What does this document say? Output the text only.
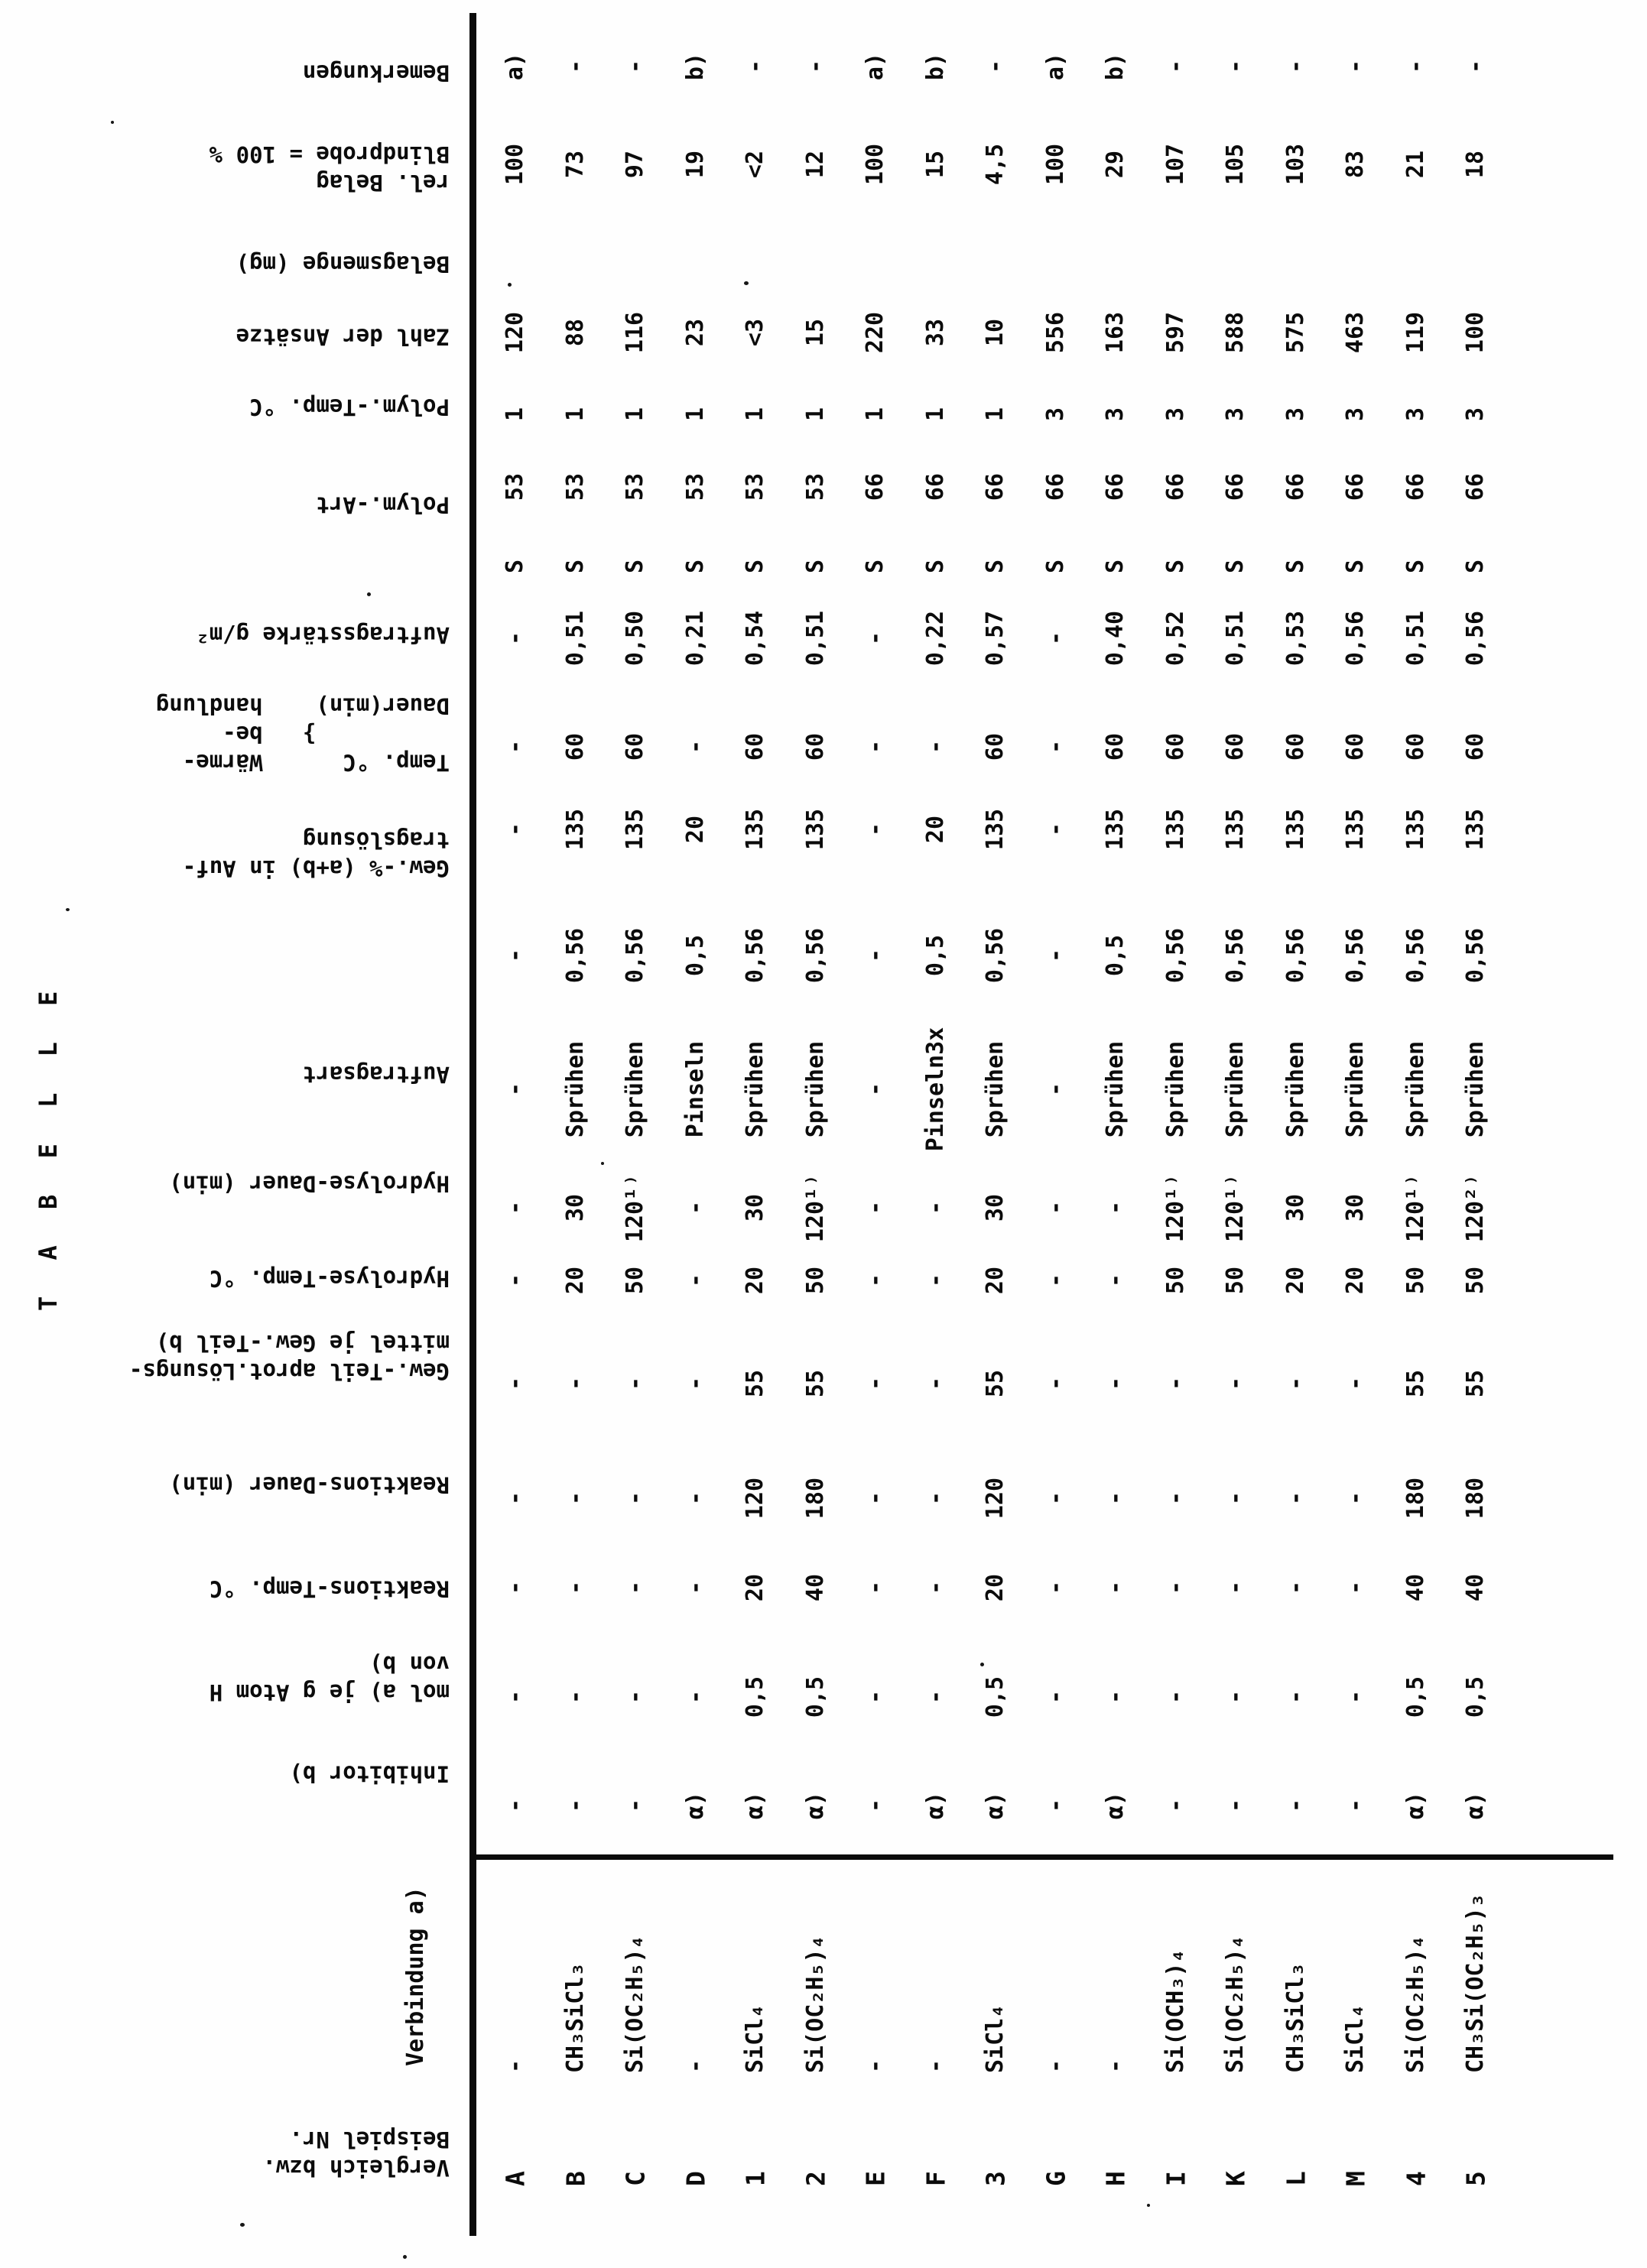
T A B E L L E
Vergleich bzw.
Beispiel Nr.
Verbindung a)
Inhibitor b)
mol a) je g Atom H
von b)
Reaktions-Temp. °C
Reaktions-Dauer (min)
Gew.-Teil aprot.Lösungs-
mittel je Gew.-Teil b)
Hydrolyse-Temp. °C
Hydrolyse-Dauer (min)
Auftragsart
Gew.-% (a+b) in Auf-
tragslösung
Auftragsstärke g/m²
Polym.-Art
Polym.-Temp. °C
Zahl der Ansätze
Belagsmenge (mg)
rel. Belag
Blindprobe = 100 %
Bemerkungen
Temp. °C      Wärme-
}   be-
Dauer(min)    handlung
A
-
-
-
-
-
-
-
-
-
-
-
-
-
S
53
1
120
100
a)
B
CH₃SiCl₃
-
-
-
-
-
20
30
Sprühen
0,56
135
60
0,51
S
53
1
88
73
-
C
Si(OC₂H₅)₄
-
-
-
-
-
50
120¹⁾
Sprühen
0,56
135
60
0,50
S
53
1
116
97
-
D
-
α)
-
-
-
-
-
-
Pinseln
0,5
20
-
0,21
S
53
1
23
19
b)
1
SiCl₄
α)
0,5
20
120
55
20
30
Sprühen
0,56
135
60
0,54
S
53
1
<3
<2
-
2
Si(OC₂H₅)₄
α)
0,5
40
180
55
50
120¹⁾
Sprühen
0,56
135
60
0,51
S
53
1
15
12
-
E
-
-
-
-
-
-
-
-
-
-
-
-
-
S
66
1
220
100
a)
F
-
α)
-
-
-
-
-
-
Pinseln3x
0,5
20
-
0,22
S
66
1
33
15
b)
3
SiCl₄
α)
0,5
20
120
55
20
30
Sprühen
0,56
135
60
0,57
S
66
1
10
4,5
-
G
-
-
-
-
-
-
-
-
-
-
-
-
-
S
66
3
556
100
a)
H
-
α)
-
-
-
-
-
-
Sprühen
0,5
135
60
0,40
S
66
3
163
29
b)
I
Si(OCH₃)₄
-
-
-
-
-
50
120¹⁾
Sprühen
0,56
135
60
0,52
S
66
3
597
107
-
K
Si(OC₂H₅)₄
-
-
-
-
-
50
120¹⁾
Sprühen
0,56
135
60
0,51
S
66
3
588
105
-
L
CH₃SiCl₃
-
-
-
-
-
20
30
Sprühen
0,56
135
60
0,53
S
66
3
575
103
-
M
SiCl₄
-
-
-
-
-
20
30
Sprühen
0,56
135
60
0,56
S
66
3
463
83
-
4
Si(OC₂H₅)₄
α)
0,5
40
180
55
50
120¹⁾
Sprühen
0,56
135
60
0,51
S
66
3
119
21
-
5
CH₃Si(OC₂H₅)₃
α)
0,5
40
180
55
50
120²⁾
Sprühen
0,56
135
60
0,56
S
66
3
100
18
-
